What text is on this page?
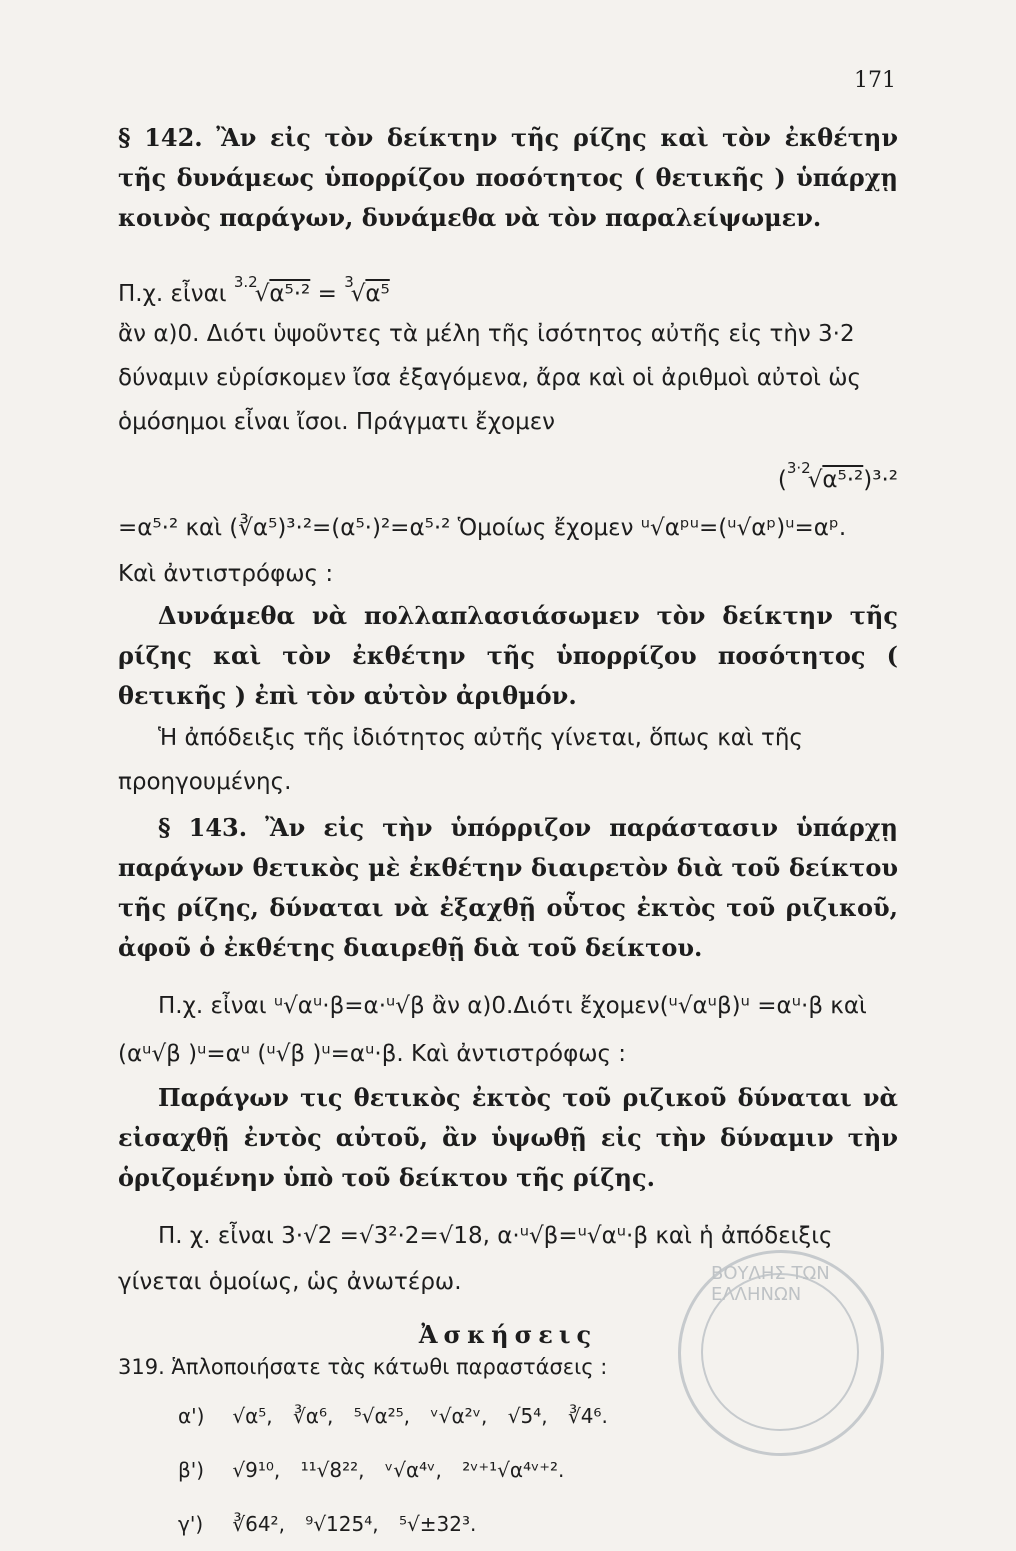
171

§ 142. Ἂν εἰς τὸν δείκτην τῆς ρίζης καὶ τὸν ἐκθέτην τῆς δυνάμεως ὑπορρίζου ποσότητος ( θετικῆς ) ὑπάρχῃ κοινὸς παράγων, δυνάμεθα νὰ τὸν παραλείψωμεν.

Π.χ. εἶναι $^{3.2}$√α⁵·² = $^3$√α⁵

ἂν α)0. Διότι ὑψοῦντες τὰ μέλη τῆς ἰσότητος αὐτῆς εἰς τὴν 3·2 δύναμιν εὑρίσκομεν ἴσα ἐξαγόμενα, ἄρα καὶ οἱ ἀριθμοὶ αὐτοὶ ὡς ὁμόσημοι εἶναι ἴσοι. Πράγματι ἔχομεν

($^{3\cdot 2}$√α⁵·²)³·²

=α⁵·² καὶ (∛α⁵)³·²=(α⁵·)²=α⁵·² Ὁμοίως ἔχομεν ᵘ√αᵖᵘ=(ᵘ√αᵖ)ᵘ=αᵖ.

Καὶ ἀντιστρόφως :

Δυνάμεθα νὰ πολλαπλασιάσωμεν τὸν δείκτην τῆς ρίζης καὶ τὸν ἐκθέτην τῆς ὑπορρίζου ποσότητος ( θετικῆς ) ἐπὶ τὸν αὐτὸν ἀριθμόν.

Ἡ ἀπόδειξις τῆς ἰδιότητος αὐτῆς γίνεται, ὅπως καὶ τῆς προηγουμένης.

§ 143. Ἂν εἰς τὴν ὑπόρριζον παράστασιν ὑπάρχῃ παράγων θετικὸς μὲ ἐκθέτην διαιρετὸν διὰ τοῦ δείκτου τῆς ρίζης, δύναται νὰ ἐξαχθῇ οὗτος ἐκτὸς τοῦ ριζικοῦ, ἀφοῦ ὁ ἐκθέτης διαιρεθῇ διὰ τοῦ δείκτου.

Π.χ. εἶναι ᵘ√αᵘ·β=α·ᵘ√β ἂν α)0.Διότι ἔχομεν(ᵘ√αᵘβ)ᵘ =αᵘ·β καὶ

(αᵘ√β )ᵘ=αᵘ (ᵘ√β )ᵘ=αᵘ·β. Καὶ ἀντιστρόφως :

Παράγων τις θετικὸς ἐκτὸς τοῦ ριζικοῦ δύναται νὰ εἰσαχθῇ ἐντὸς αὐτοῦ, ἂν ὑψωθῇ εἰς τὴν δύναμιν τὴν ὁριζομένην ὑπὸ τοῦ δείκτου τῆς ρίζης.

Π. χ. εἶναι 3·√2 =√3²·2=√18, α·ᵘ√β=ᵘ√αᵘ·β καὶ ἡ ἀπόδειξις

γίνεται ὁμοίως, ὡς ἀνωτέρω.

Ἀσκήσεις
319. Ἁπλοποιήσατε τὰς κάτωθι παραστάσεις :
α') √α⁵, ∛α⁶, ⁵√α²⁵, ᵛ√α²ᵛ, √5⁴, ∛4⁶.
β') √9¹⁰, ¹¹√8²², ᵛ√α⁴ᵛ, ²ᵛ⁺¹√α⁴ᵛ⁺².
γ') ∛64², ⁹√125⁴, ⁵√±32³.
ΒΟΥΛΗΣ ΤΩΝ ΕΛΛΗΝΩΝ
